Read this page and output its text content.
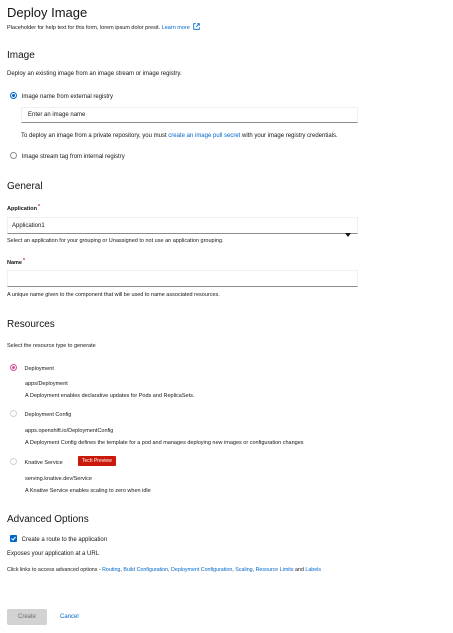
Deploy Image
Placeholder for help text for this form, lorem ipsum dolor presit. Learn more
Image
Deploy an existing image from an image stream or image registry.
Image name from external registry
Enter an image name
To deploy an image from a private repository, you must create an image pull secret with your image registry credentials.
Image stream tag from internal registry
General
Application*
Application1
Select an application for your grouping or Unassigned to not use an application grouping.
Name*
A unique name given to the component that will be used to name associated resources.
Resources
Select the resource type to generate
Deployment
apps/Deployment
A Deployment enables declarative updates for Pods and ReplicaSets.
Deployment Config
apps.openshift.io/DeploymentConfig
A Deployment Config defines the template for a pod and manages deploying new images or configuration changes
Knative Service	Tech Preview
serving.knative.dev/Service
A Knative Service enables scaling to zero when idle
Advanced Options
Create a route to the application
Exposes your application at a URL
Click links to access advanced options - Routing, Build Configuration, Deployment Configuration, Scaling, Resource Limits and Labels
Create	Cancel
